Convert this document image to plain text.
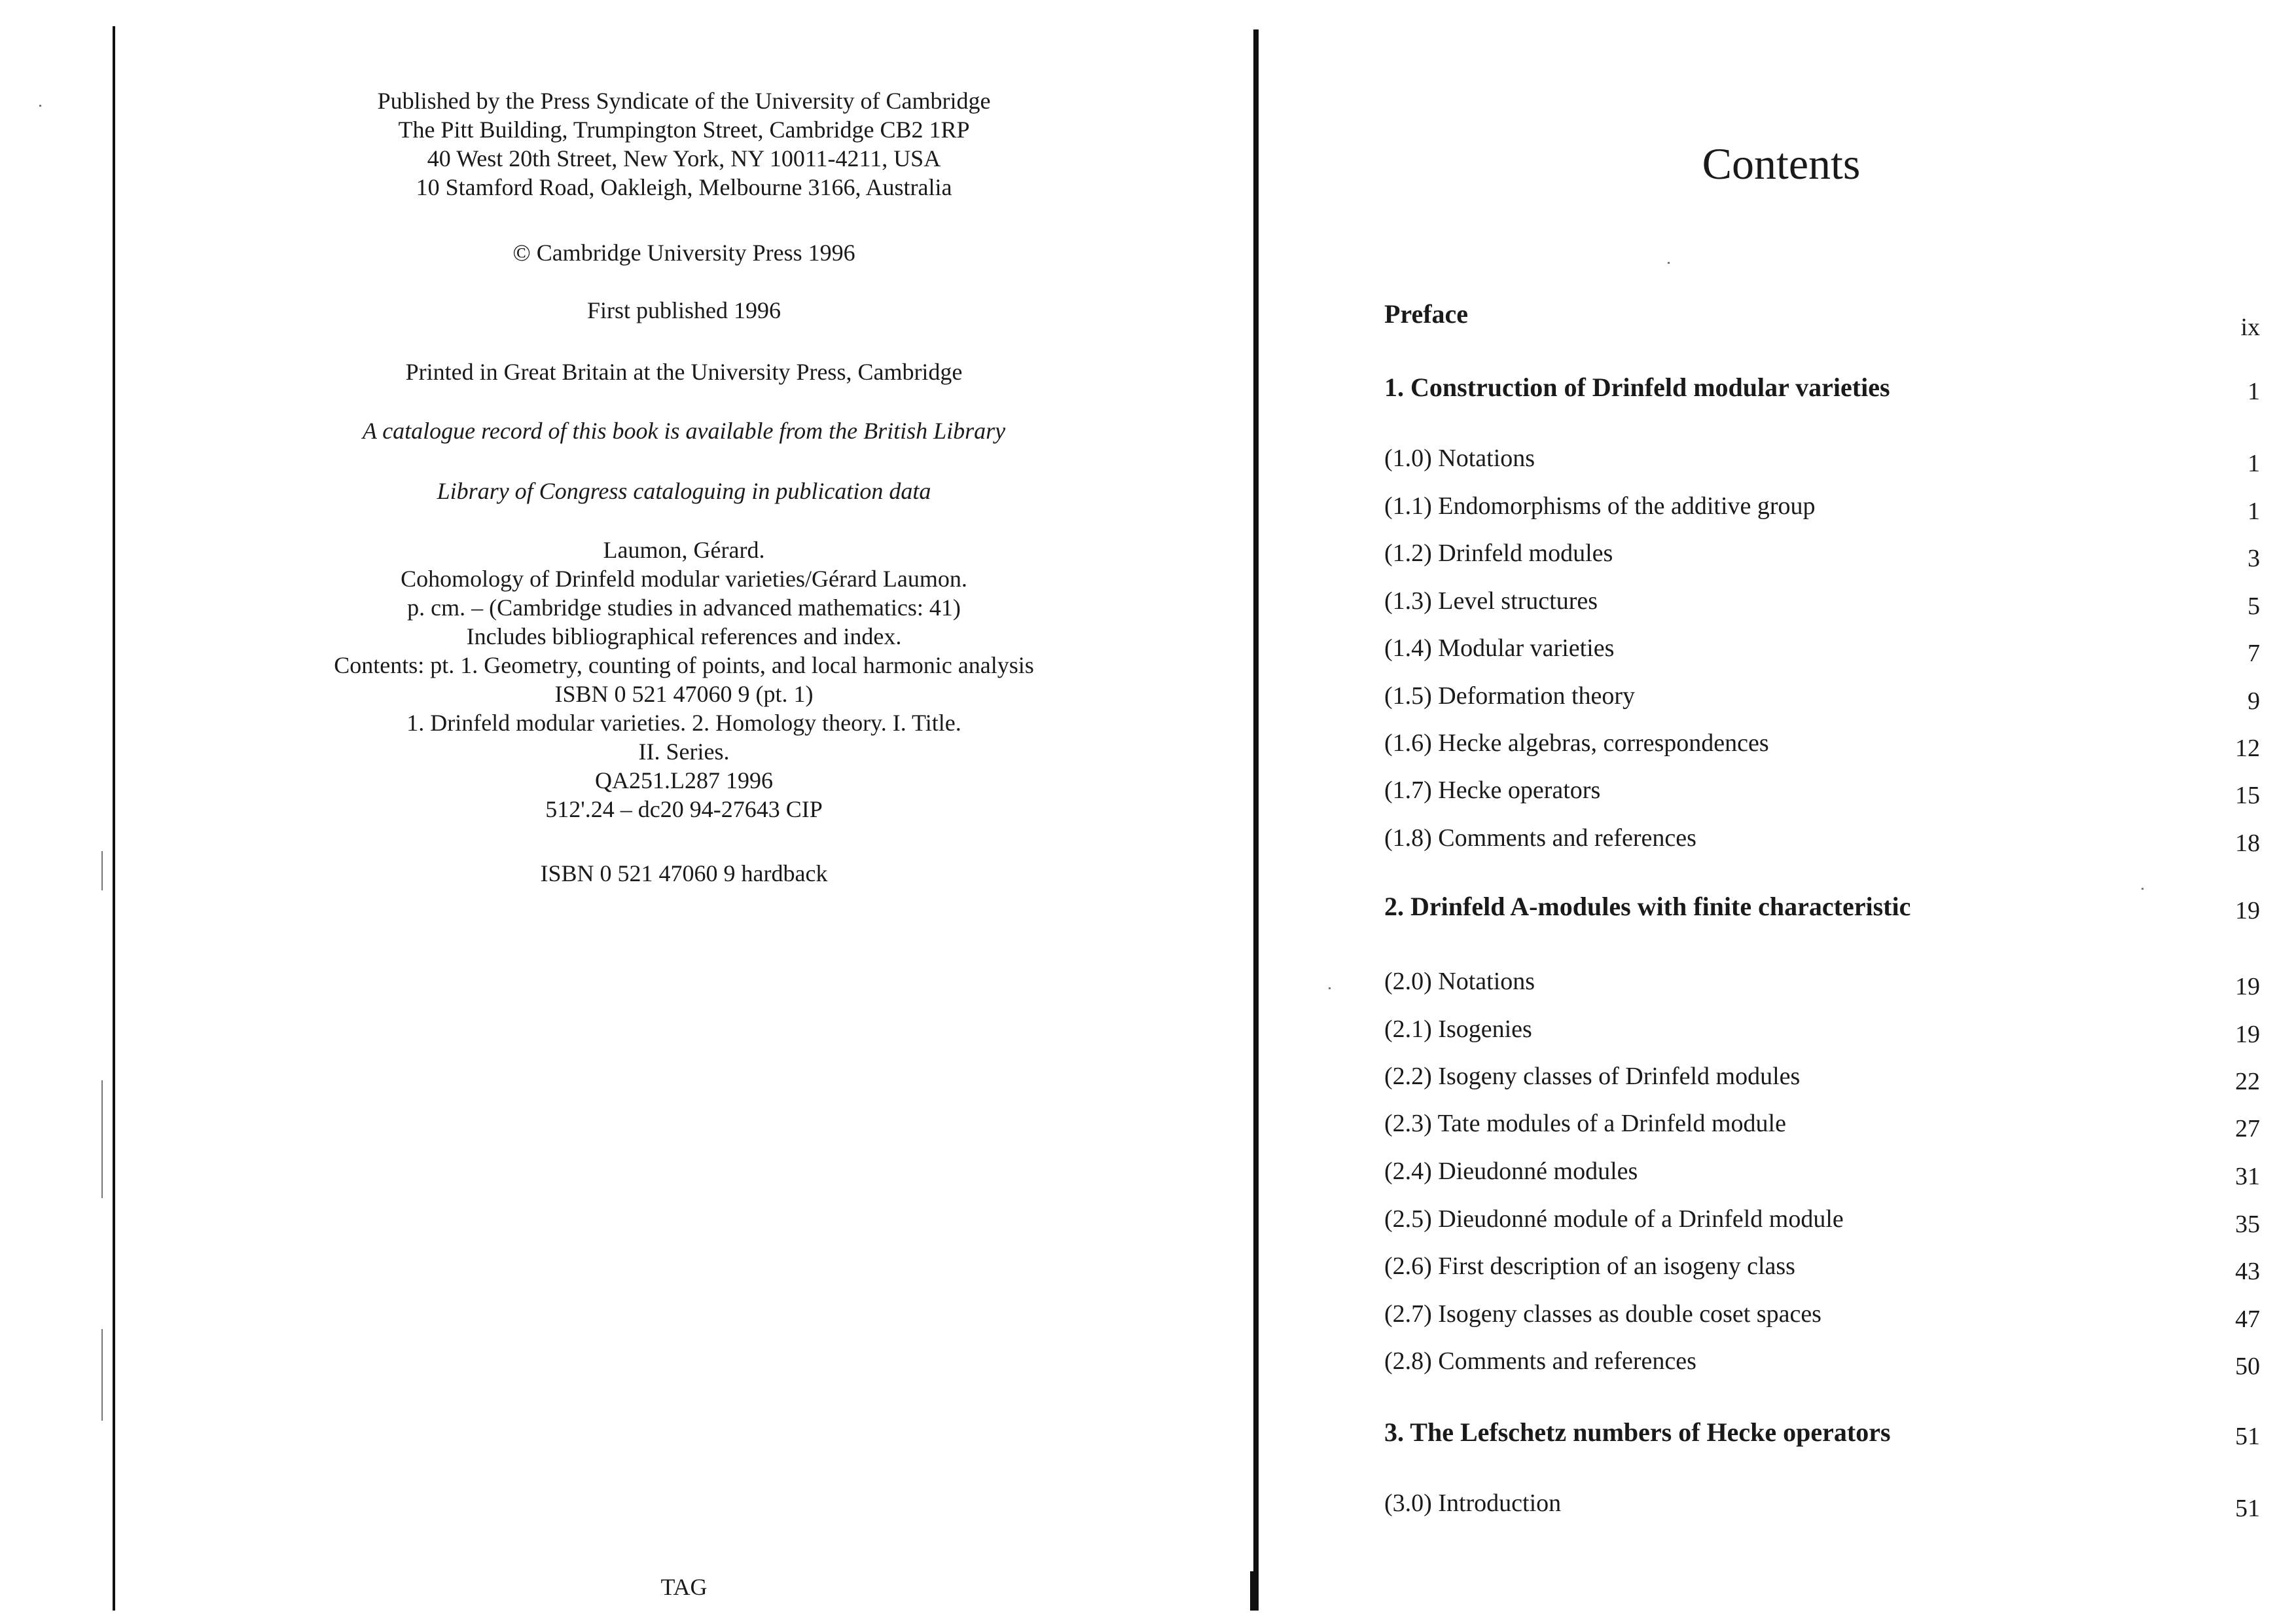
Published by the Press Syndicate of the University of Cambridge
The Pitt Building, Trumpington Street, Cambridge CB2 1RP
40 West 20th Street, New York, NY 10011-4211, USA
10 Stamford Road, Oakleigh, Melbourne 3166, Australia
© Cambridge University Press 1996
First published 1996
Printed in Great Britain at the University Press, Cambridge
A catalogue record of this book is available from the British Library
Library of Congress cataloguing in publication data
Laumon, Gérard.
Cohomology of Drinfeld modular varieties/Gérard Laumon.
p. cm. – (Cambridge studies in advanced mathematics: 41)
Includes bibliographical references and index.
Contents: pt. 1. Geometry, counting of points, and local harmonic analysis
ISBN 0 521 47060 9 (pt. 1)
1. Drinfeld modular varieties. 2. Homology theory. I. Title.
II. Series.
QA251.L287 1996
512'.24 – dc20 94-27643 CIP
ISBN 0 521 47060 9 hardback
TAG
Contents
Preface	ix
1. Construction of Drinfeld modular varieties	1
(1.0) Notations	1
(1.1) Endomorphisms of the additive group	1
(1.2) Drinfeld modules	3
(1.3) Level structures	5
(1.4) Modular varieties	7
(1.5) Deformation theory	9
(1.6) Hecke algebras, correspondences	12
(1.7) Hecke operators	15
(1.8) Comments and references	18
2. Drinfeld A-modules with finite characteristic	19
(2.0) Notations	19
(2.1) Isogenies	19
(2.2) Isogeny classes of Drinfeld modules	22
(2.3) Tate modules of a Drinfeld module	27
(2.4) Dieudonné modules	31
(2.5) Dieudonné module of a Drinfeld module	35
(2.6) First description of an isogeny class	43
(2.7) Isogeny classes as double coset spaces	47
(2.8) Comments and references	50
3. The Lefschetz numbers of Hecke operators	51
(3.0) Introduction	51
